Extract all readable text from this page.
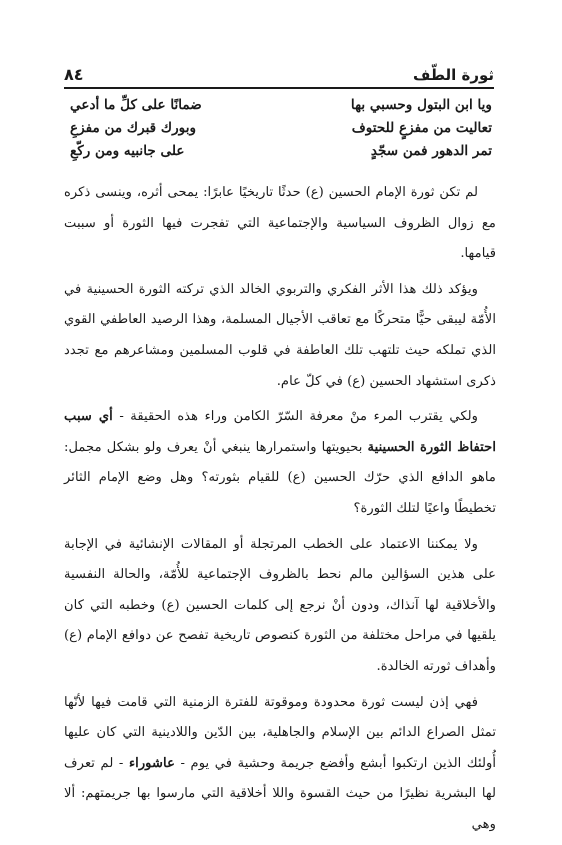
ثورة الطّف
٨٤
ويا ابن البتول وحسبي بها
ضمانًا على كلِّ ما أدعي
تعاليت من مفزعٍ للحتوف
وبورك قبرك من مفزعِ
تمر الدهور فمن سجّدٍ
على جانبيه ومن ركّعِ

لم تكن ثورة الإمام الحسين (ع) حدثًا تاريخيًا عابرًا: يمحى أثره، وينسى ذكره مع زوال الظروف السياسية والإجتماعية التي تفجرت فيها الثورة أو سببت قيامها.

ويؤكد ذلك هذا الأثر الفكري والتربوي الخالد الذي تركته الثورة الحسينية في الأُمّة ليبقى حيًّا متحركًا مع تعاقب الأجيال المسلمة، وهذا الرصيد العاطفي القوي الذي تملكه حيث تلتهب تلك العاطفة في قلوب المسلمين ومشاعرهم مع تجدد ذكرى استشهاد الحسين (ع) في كلّ عام.

ولكي يقترب المرء منْ معرفة السّرّ الكامن وراء هذه الحقيقة - أي سبب احتفاظ الثورة الحسينية بحيويتها واستمرارها ينبغي أنْ يعرف ولو بشكل مجمل: ماهو الدافع الذي حرّك الحسين (ع) للقيام بثورته؟ وهل وضع الإمام الثائر تخطيطًا واعيًا لتلك الثورة؟

ولا يمكننا الاعتماد على الخطب المرتجلة أو المقالات الإنشائية في الإجابة على هذين السؤالين مالم نحط بالظروف الإجتماعية للأُمّة، والحالة النفسية والأخلاقية لها آنذاك، ودون أنْ نرجع إلى كلمات الحسين (ع) وخطبه التي كان يلقيها في مراحل مختلفة من الثورة كنصوص تاريخية تفصح عن دوافع الإمام (ع) وأهداف ثورته الخالدة.

فهي إذن ليست ثورة محدودة وموقوتة للفترة الزمنية التي قامت فيها لأنّها تمثل الصراع الدائم بين الإسلام والجاهلية، بين الدّين واللادينية التي كان عليها أُولئك الذين ارتكبوا أبشع وأفضع جريمة وحشية في يوم - عاشوراء - لم تعرف لها البشرية نظيرًا من حيث القسوة واللا أخلاقية التي مارسوا بها جريمتهم: ألا وهي
